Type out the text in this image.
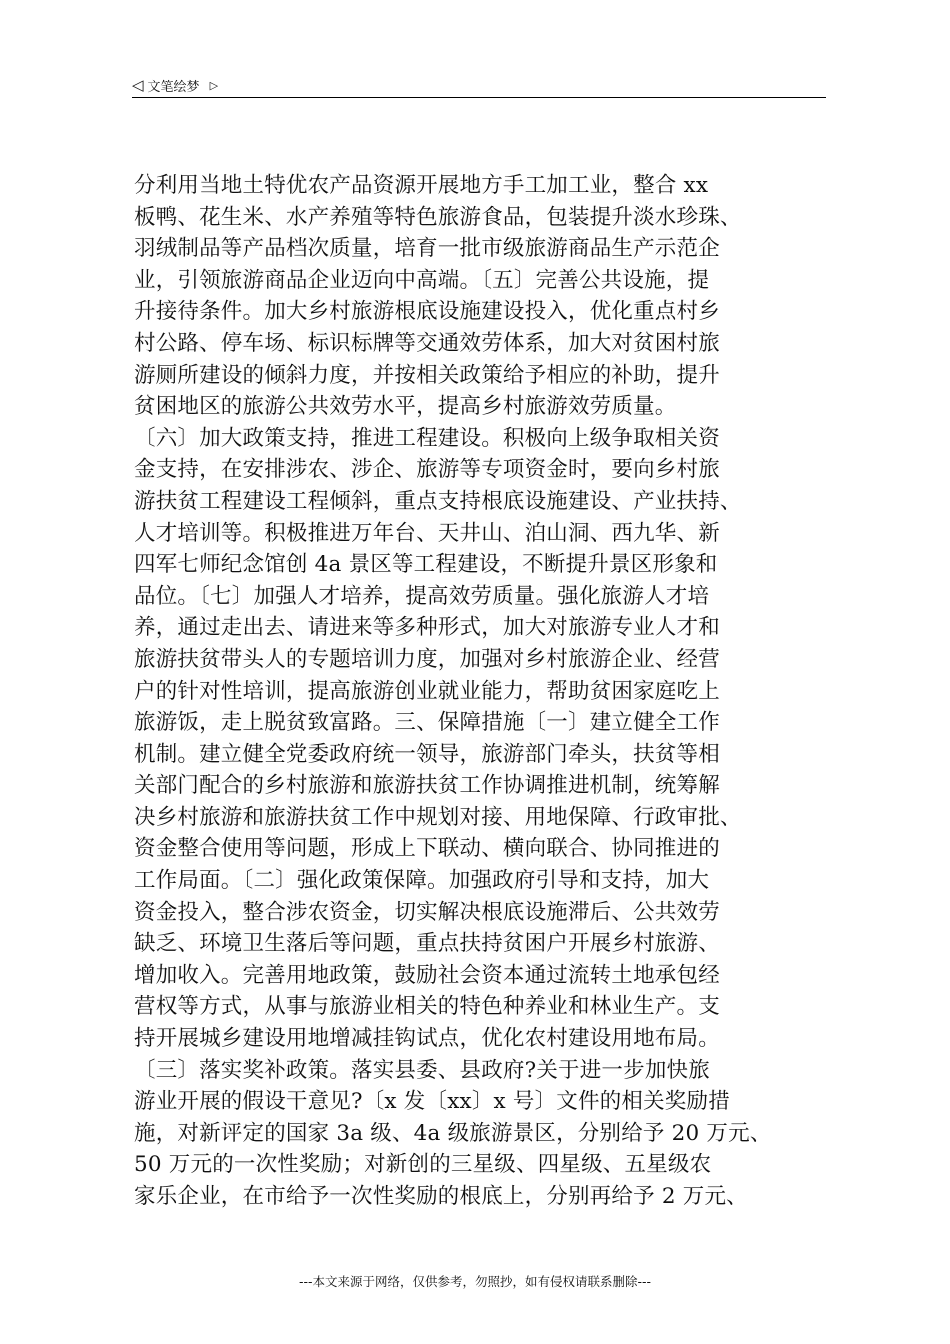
◁ 文笔绘梦 ▷
分利用当地土特优农产品资源开展地方手工加工业，整合 xx
板鸭、花生米、水产养殖等特色旅游食品，包装提升淡水珍珠、
羽绒制品等产品档次质量，培育一批市级旅游商品生产示范企
业，引领旅游商品企业迈向中高端。〔五〕完善公共设施，提
升接待条件。加大乡村旅游根底设施建设投入，优化重点村乡
村公路、停车场、标识标牌等交通效劳体系，加大对贫困村旅
游厕所建设的倾斜力度，并按相关政策给予相应的补助，提升
贫困地区的旅游公共效劳水平，提高乡村旅游效劳质量。
〔六〕加大政策支持，推进工程建设。积极向上级争取相关资
金支持，在安排涉农、涉企、旅游等专项资金时，要向乡村旅
游扶贫工程建设工程倾斜，重点支持根底设施建设、产业扶持、
人才培训等。积极推进万年台、天井山、泊山洞、西九华、新
四军七师纪念馆创 4a 景区等工程建设，不断提升景区形象和
品位。〔七〕加强人才培养，提高效劳质量。强化旅游人才培
养，通过走出去、请进来等多种形式，加大对旅游专业人才和
旅游扶贫带头人的专题培训力度，加强对乡村旅游企业、经营
户的针对性培训，提高旅游创业就业能力，帮助贫困家庭吃上
旅游饭，走上脱贫致富路。三、保障措施〔一〕建立健全工作
机制。建立健全党委政府统一领导，旅游部门牵头，扶贫等相
关部门配合的乡村旅游和旅游扶贫工作协调推进机制，统筹解
决乡村旅游和旅游扶贫工作中规划对接、用地保障、行政审批、
资金整合使用等问题，形成上下联动、横向联合、协同推进的
工作局面。〔二〕强化政策保障。加强政府引导和支持，加大
资金投入，整合涉农资金，切实解决根底设施滞后、公共效劳
缺乏、环境卫生落后等问题，重点扶持贫困户开展乡村旅游、
增加收入。完善用地政策，鼓励社会资本通过流转土地承包经
营权等方式，从事与旅游业相关的特色种养业和林业生产。支
持开展城乡建设用地增减挂钩试点，优化农村建设用地布局。
〔三〕落实奖补政策。落实县委、县政府?关于进一步加快旅
游业开展的假设干意见?〔x 发〔xx〕x 号〕文件的相关奖励措
施，对新评定的国家 3a 级、4a 级旅游景区，分别给予 20 万元、
50 万元的一次性奖励；对新创的三星级、四星级、五星级农
家乐企业，在市给予一次性奖励的根底上，分别再给予 2 万元、
---本文来源于网络，仅供参考，勿照抄，如有侵权请联系删除---
